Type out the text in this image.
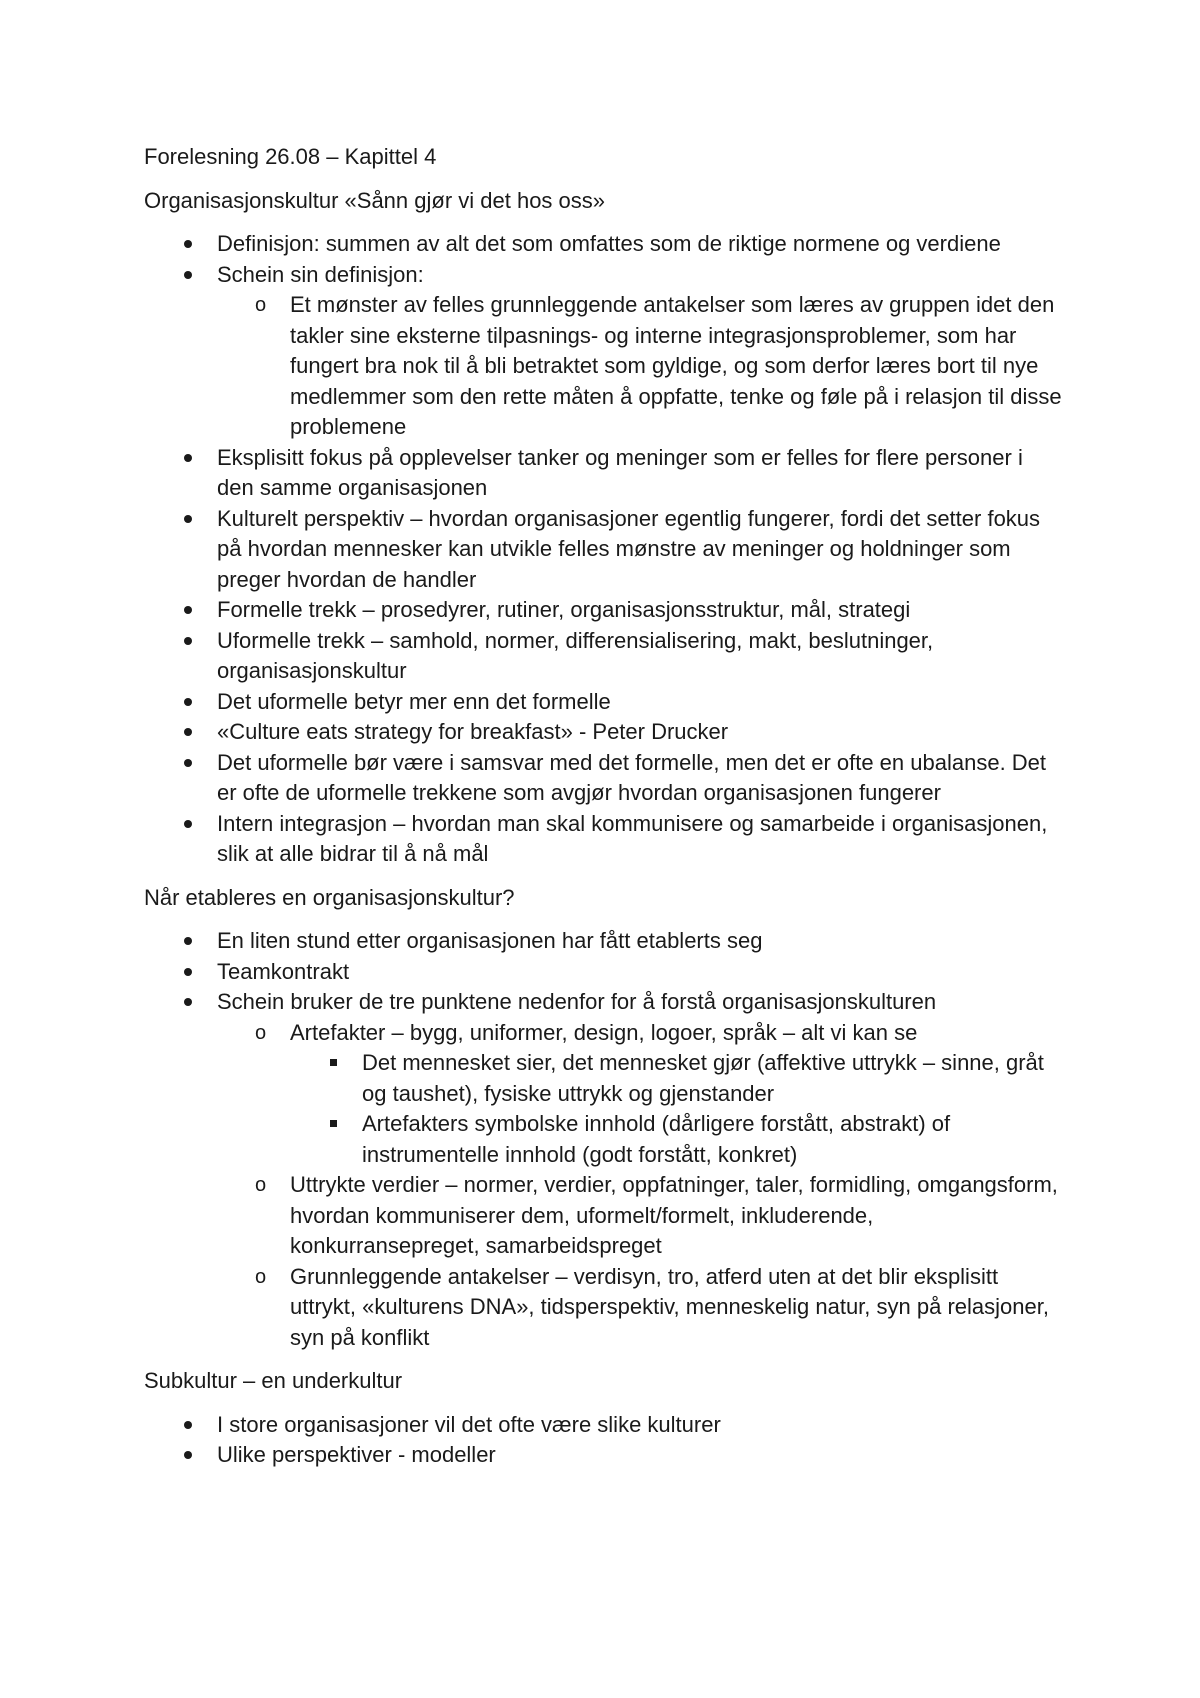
Forelesning 26.08 – Kapittel 4

Organisasjonskultur «Sånn gjør vi det hos oss»

Definisjon: summen av alt det som omfattes som de riktige normene og verdiene
Schein sin definisjon:
o Et mønster av felles grunnleggende antakelser som læres av gruppen idet den takler sine eksterne tilpasnings- og interne integrasjonsproblemer, som har fungert bra nok til å bli betraktet som gyldige, og som derfor læres bort til nye medlemmer som den rette måten å oppfatte, tenke og føle på i relasjon til disse problemene
Eksplisitt fokus på opplevelser tanker og meninger som er felles for flere personer i den samme organisasjonen
Kulturelt perspektiv – hvordan organisasjoner egentlig fungerer, fordi det setter fokus på hvordan mennesker kan utvikle felles mønstre av meninger og holdninger som preger hvordan de handler
Formelle trekk – prosedyrer, rutiner, organisasjonsstruktur, mål, strategi
Uformelle trekk – samhold, normer, differensialisering, makt, beslutninger, organisasjonskultur
Det uformelle betyr mer enn det formelle
«Culture eats strategy for breakfast» - Peter Drucker
Det uformelle bør være i samsvar med det formelle, men det er ofte en ubalanse. Det er ofte de uformelle trekkene som avgjør hvordan organisasjonen fungerer
Intern integrasjon – hvordan man skal kommunisere og samarbeide i organisasjonen, slik at alle bidrar til å nå mål

Når etableres en organisasjonskultur?

En liten stund etter organisasjonen har fått etablerts seg
Teamkontrakt
Schein bruker de tre punktene nedenfor for å forstå organisasjonskulturen
o Artefakter – bygg, uniformer, design, logoer, språk – alt vi kan se
Det mennesket sier, det mennesket gjør (affektive uttrykk – sinne, gråt og taushet), fysiske uttrykk og gjenstander
Artefakters symbolske innhold (dårligere forstått, abstrakt) of instrumentelle innhold (godt forstått, konkret)
o Uttrykte verdier – normer, verdier, oppfatninger, taler, formidling, omgangsform, hvordan kommuniserer dem, uformelt/formelt, inkluderende, konkurransepreget, samarbeidspreget
o Grunnleggende antakelser – verdisyn, tro, atferd uten at det blir eksplisitt uttrykt, «kulturens DNA», tidsperspektiv, menneskelig natur, syn på relasjoner, syn på konflikt

Subkultur – en underkultur

I store organisasjoner vil det ofte være slike kulturer
Ulike perspektiver - modeller
